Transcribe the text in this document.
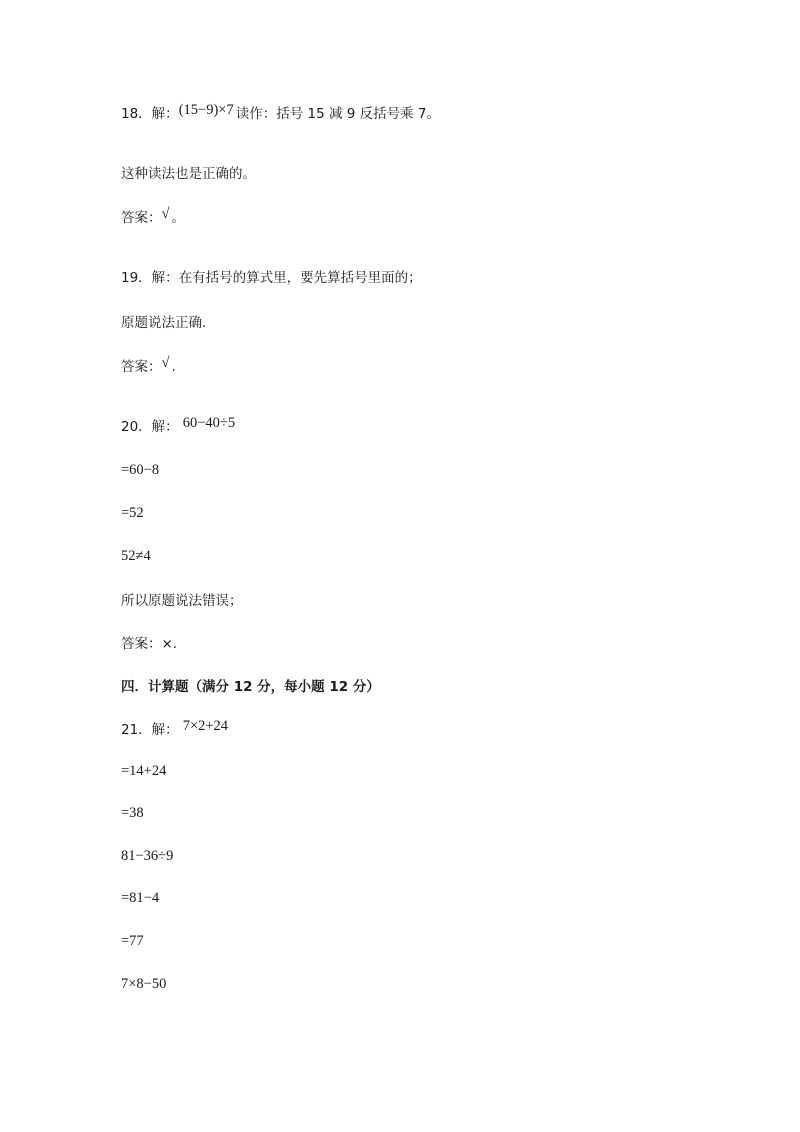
18．解：(15−9)×7 读作：括号 15 减 9 反括号乘 7。
这种读法也是正确的。
答案：√ 。
19．解：在有括号的算式里，要先算括号里面的；
原题说法正确.
答案：√ .
20．解： 60−40÷5
=60−8
=52
52≠4
所以原题说法错误；
答案：×.
四．计算题（满分 12 分，每小题 12 分）
21．解： 7×2+24
=14+24
=38
81−36÷9
=81−4
=77
7×8−50
